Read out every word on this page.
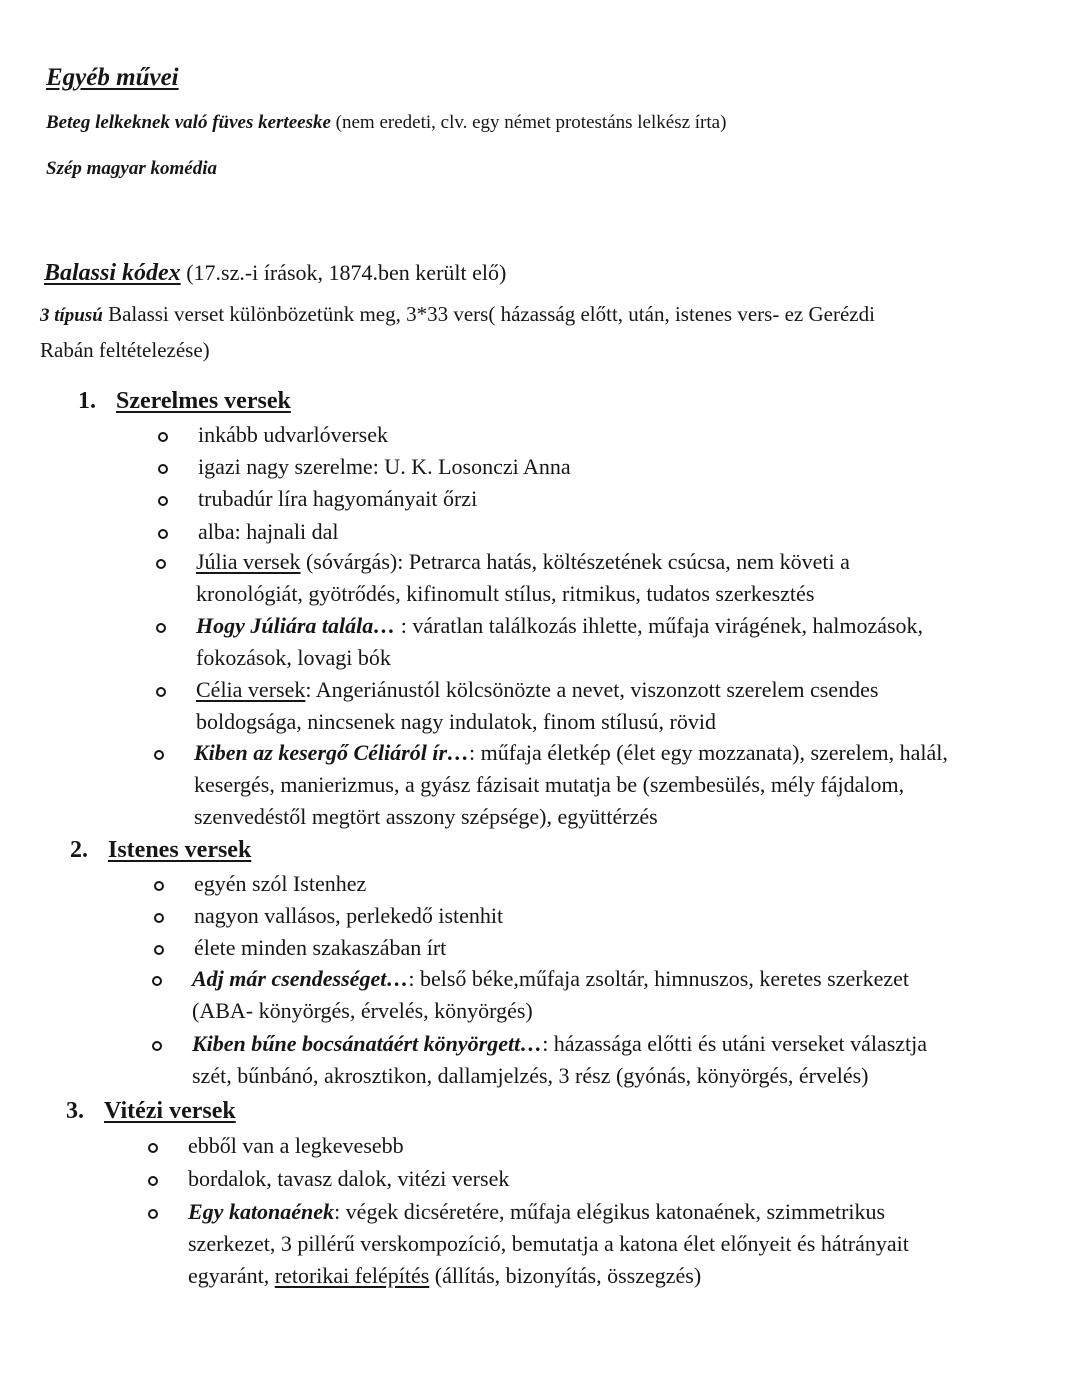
Egyéb művei
Beteg lelkeknek való füves kerteeske (nem eredeti, clv. egy német protestáns lelkész írta)
Szép magyar komédia
Balassi kódex (17.sz.-i írások, 1874.ben került elő)
3 típusú Balassi verset különbözetünk meg, 3*33 vers( házasság előtt, után, istenes vers- ez Gerézdi
Rabán feltételezése)
1. Szerelmes versek
inkább udvarlóversek
igazi nagy szerelme: U. K. Losonczi Anna
trubadúr líra hagyományait őrzi
alba: hajnali dal
Júlia versek (sóvárgás): Petrarca hatás, költészetének csúcsa, nem követi a
kronológiát, gyötrődés, kifinomult stílus, ritmikus, tudatos szerkesztés
Hogy Júliára talála… : váratlan találkozás ihlette, műfaja virágének, halmozások,
fokozások, lovagi bók
Célia versek: Angeriánustól kölcsönözte a nevet, viszonzott szerelem csendes
boldogsága, nincsenek nagy indulatok, finom stílusú, rövid
Kiben az kesergő Céliáról ír…: műfaja életkép (élet egy mozzanata), szerelem, halál,
kesergés, manierizmus, a gyász fázisait mutatja be (szembesülés, mély fájdalom,
szenvedéstől megtört asszony szépsége), együttérzés
2. Istenes versek
egyén szól Istenhez
nagyon vallásos, perlekedő istenhit
élete minden szakaszában írt
Adj már csendességet…: belső béke,műfaja zsoltár, himnuszos, keretes szerkezet
(ABA- könyörgés, érvelés, könyörgés)
Kiben bűne bocsánatáért könyörgett…: házassága előtti és utáni verseket választja
szét, bűnbánó, akrosztikon, dallamjelzés, 3 rész (gyónás, könyörgés, érvelés)
3. Vitézi versek
ebből van a legkevesebb
bordalok, tavasz dalok, vitézi versek
Egy katonaének: végek dicséretére, műfaja elégikus katonaének, szimmetrikus
szerkezet, 3 pillérű verskompozíció, bemutatja a katona élet előnyeit és hátrányait
egyaránt, retorikai felépítés (állítás, bizonyítás, összegzés)
